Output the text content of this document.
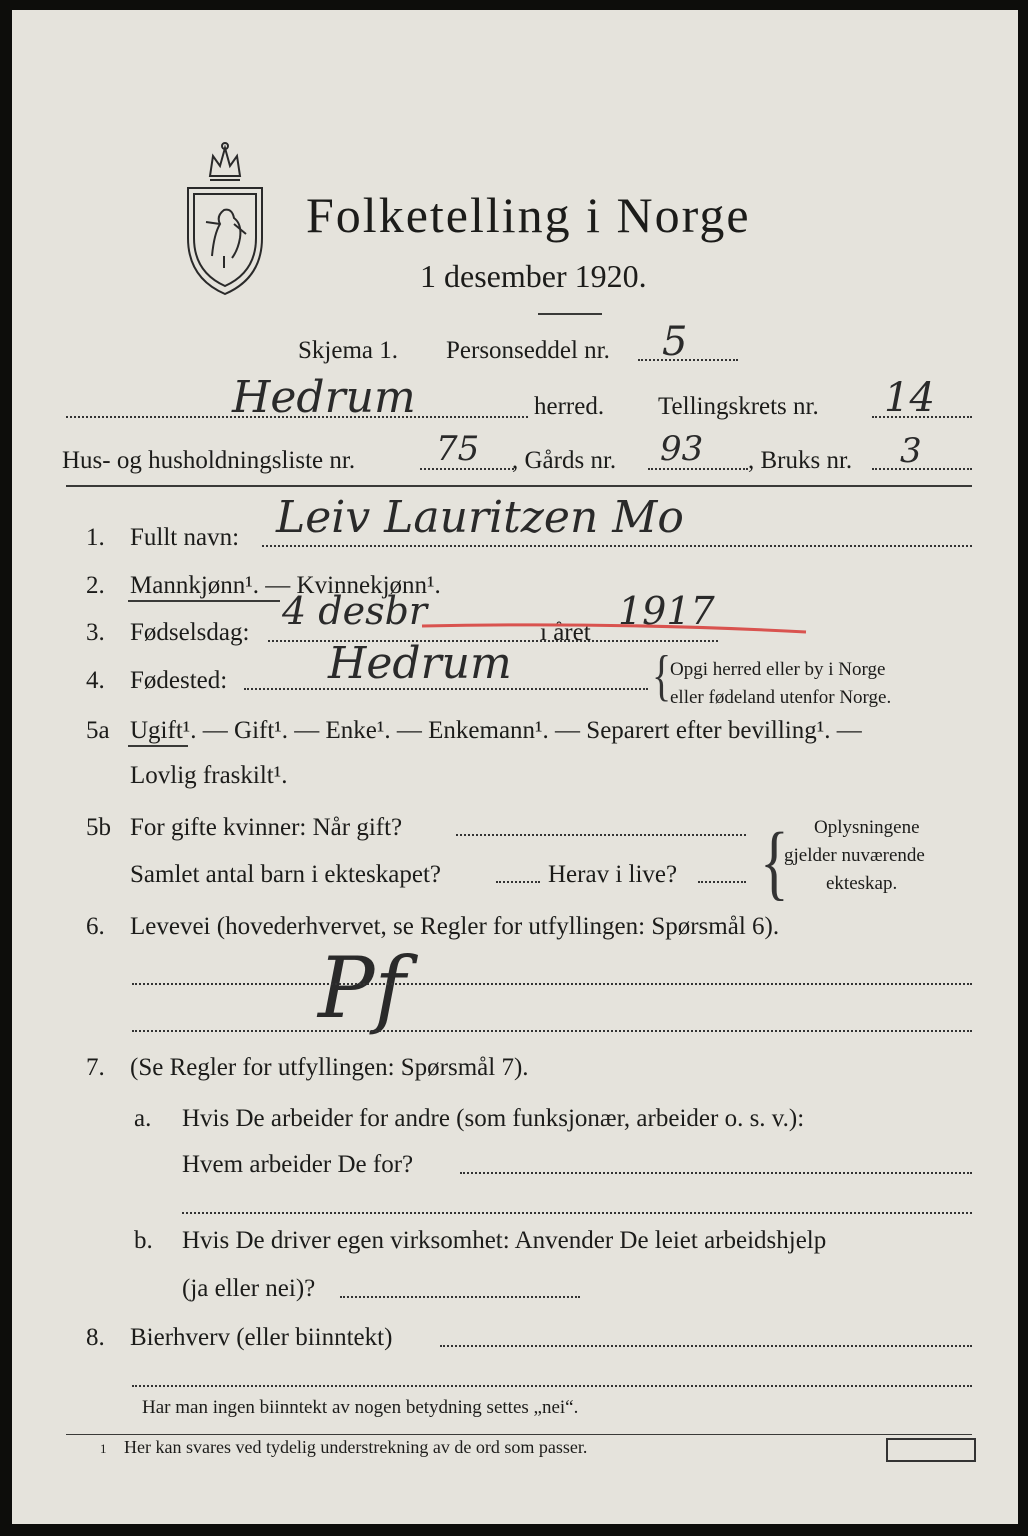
Folketelling i Norge
1 desember 1920.
Skjema 1. Personseddel nr. 5
Hedrum	herred. Tellingskrets nr. 14
Hus- og husholdningsliste nr. 75 , Gårds nr. 93 , Bruks nr. 3
1. Fullt navn: Leiv Lauritzen Mo
2. Mannkjønn¹. — Kvinnekjønn¹.
3. Fødselsdag: 4 desbr	i året 1917
4. Fødested: Hedrum	{
Opgi herred eller by i Norge
eller fødeland utenfor Norge.
5a Ugift¹. — Gift¹. — Enke¹. — Enkemann¹. — Separert efter bevilling¹. —
Lovlig fraskilt¹.
5b For gifte kvinner: Når gift?
Samlet antal barn i ekteskapet?	Herav i live? { Oplysningene
gjelder nuværende
ekteskap.
6. Levevei (hovederhvervet, se Regler for utfyllingen: Spørsmål 6).
Pf
7. (Se Regler for utfyllingen: Spørsmål 7).
a. Hvis De arbeider for andre (som funksjonær, arbeider o. s. v.):
Hvem arbeider De for?
b. Hvis De driver egen virksomhet: Anvender De leiet arbeidshjelp
(ja eller nei)?
8. Bierhverv (eller biinntekt)
Har man ingen biinntekt av nogen betydning settes „nei“.
1 Her kan svares ved tydelig understrekning av de ord som passer.
